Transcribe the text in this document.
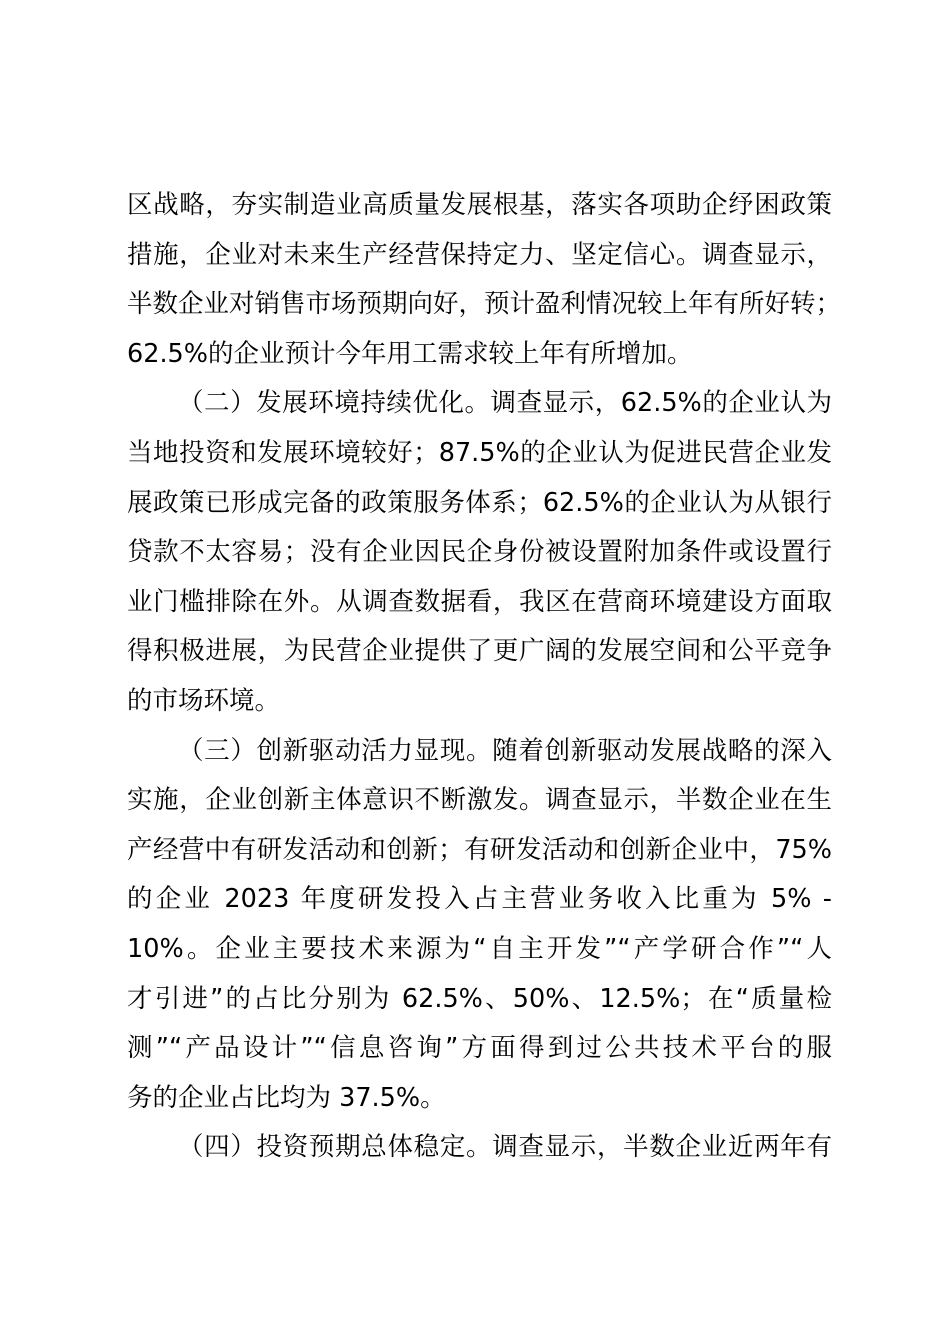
区战略，夯实制造业高质量发展根基，落实各项助企纾困政策
措施，企业对未来生产经营保持定力、坚定信心。调查显示，
半数企业对销售市场预期向好，预计盈利情况较上年有所好转；
62.5%的企业预计今年用工需求较上年有所增加。
（二）发展环境持续优化。调查显示，62.5%的企业认为
当地投资和发展环境较好；87.5%的企业认为促进民营企业发
展政策已形成完备的政策服务体系；62.5%的企业认为从银行
贷款不太容易；没有企业因民企身份被设置附加条件或设置行
业门槛排除在外。从调查数据看，我区在营商环境建设方面取
得积极进展，为民营企业提供了更广阔的发展空间和公平竞争
的市场环境。
（三）创新驱动活力显现。随着创新驱动发展战略的深入
实施，企业创新主体意识不断激发。调查显示，半数企业在生
产经营中有研发活动和创新；有研发活动和创新企业中，75%
的企业 2023 年度研发投入占主营业务收入比重为 5% -
10%。企业主要技术来源为“自主开发”“产学研合作”“人
才引进”的占比分别为 62.5%、50%、12.5%；在“质量检
测”“产品设计”“信息咨询”方面得到过公共技术平台的服
务的企业占比均为 37.5%。
（四）投资预期总体稳定。调查显示，半数企业近两年有
